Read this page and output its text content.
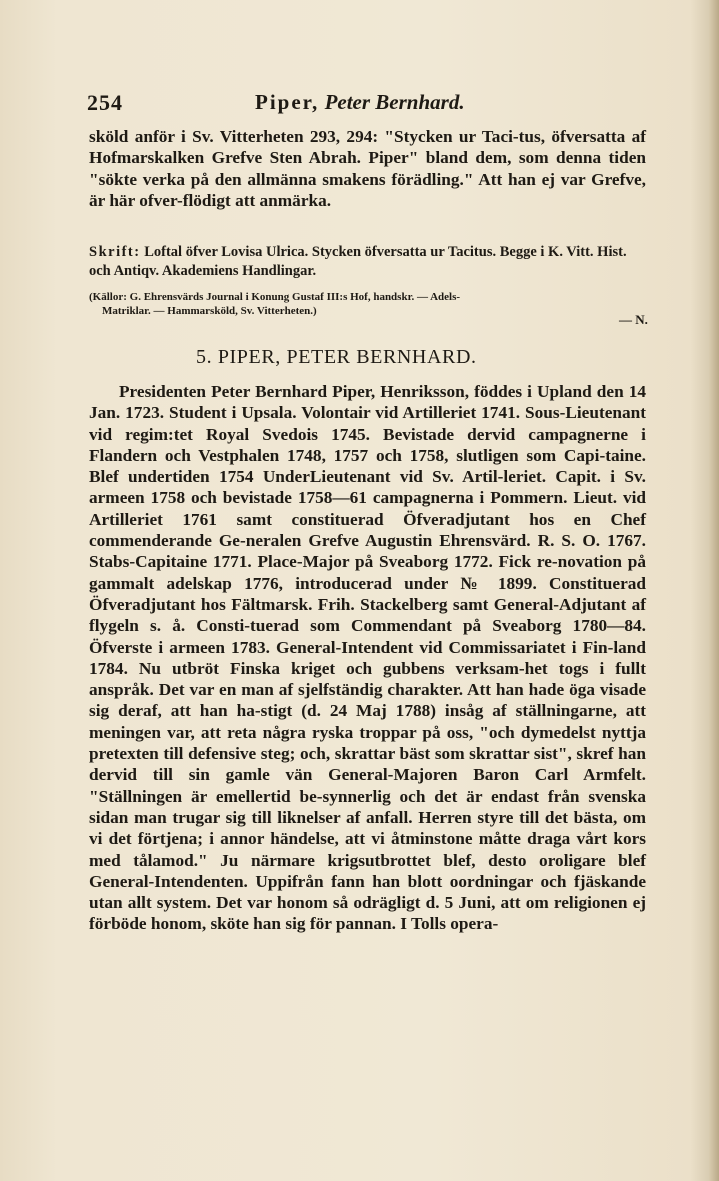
254	Piper, Peter Bernhard.

sköld anför i Sv. Vitterheten 293, 294: "Stycken ur Taci-tus, öfversatta af Hofmarskalken Grefve Sten Abrah. Piper" bland dem, som denna tiden "sökte verka på den allmänna smakens förädling." Att han ej var Grefve, är här ofver-flödigt att anmärka.

Skrift: Loftal öfver Lovisa Ulrica. Stycken öfversatta ur Tacitus. Begge i K. Vitt. Hist. och Antiqv. Akademiens Handlingar.
(Källor: G. Ehrensvärds Journal i Konung Gustaf III:s Hof, handskr. — Adels-
Matriklar. — Hammarsköld, Sv. Vitterheten.)
— N.
5. PIPER, PETER BERNHARD.

Presidenten Peter Bernhard Piper, Henriksson, föddes i Upland den 14 Jan. 1723. Student i Upsala. Volontair vid Artilleriet 1741. Sous-Lieutenant vid regim:tet Royal Svedois 1745. Bevistade dervid campagnerne i Flandern och Vestphalen 1748, 1757 och 1758, slutligen som Capi-taine. Blef undertiden 1754 UnderLieutenant vid Sv. Artil-leriet. Capit. i Sv. armeen 1758 och bevistade 1758—61 campagnerna i Pommern. Lieut. vid Artilleriet 1761 samt constituerad Öfveradjutant hos en Chef commenderande Ge-neralen Grefve Augustin Ehrensvärd. R. S. O. 1767. Stabs-Capitaine 1771. Place-Major på Sveaborg 1772. Fick re-novation på gammalt adelskap 1776, introducerad under № 1899. Constituerad Öfveradjutant hos Fältmarsk. Frih. Stackelberg samt General-Adjutant af flygeln s. å. Consti-tuerad som Commendant på Sveaborg 1780—84. Öfverste i armeen 1783. General-Intendent vid Commissariatet i Fin-land 1784. Nu utbröt Finska kriget och gubbens verksam-het togs i fullt anspråk. Det var en man af sjelfständig charakter. Att han hade öga visade sig deraf, att han ha-stigt (d. 24 Maj 1788) insåg af ställningarne, att meningen var, att reta några ryska troppar på oss, "och dymedelst nyttja pretexten till defensive steg; och, skrattar bäst som skrattar sist", skref han dervid till sin gamle vän General-Majoren Baron Carl Armfelt. "Ställningen är emellertid be-synnerlig och det är endast från svenska sidan man trugar sig till liknelser af anfall. Herren styre till det bästa, om vi det förtjena; i annor händelse, att vi åtminstone måtte draga vårt kors med tålamod." Ju närmare krigsutbrottet blef, desto oroligare blef General-Intendenten. Uppifrån fann han blott oordningar och fjäskande utan allt system. Det var honom så odrägligt d. 5 Juni, att om religionen ej förböde honom, sköte han sig för pannan. I Tolls opera-
